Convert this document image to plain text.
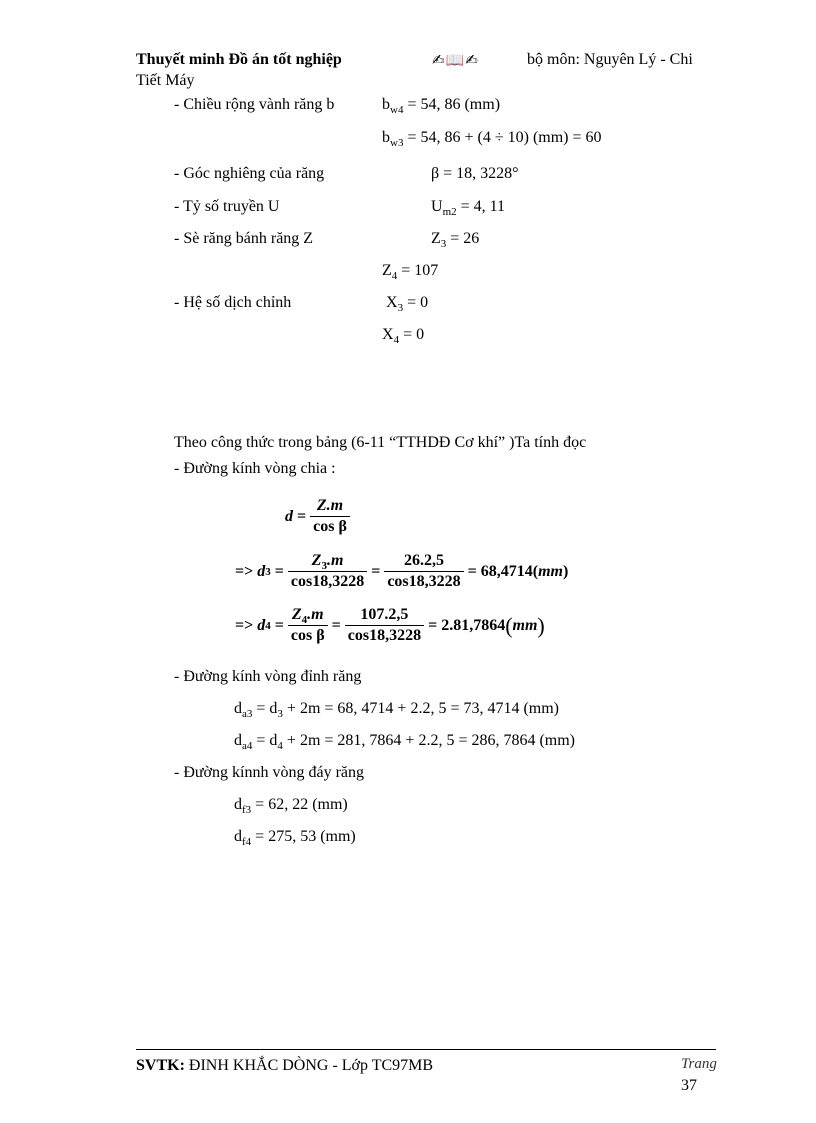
Thuyết minh Đồ án tốt nghiệp	✍📖✍	bộ môn: Nguyên Lý - Chi
Tiết Máy
- Chiều rộng vành răng b	$b_{w4} = 54$, 86 (mm)
$b_{w3} = 54$, 86 + (4 ÷ 10) (mm) = 60
- Góc nghiêng của răng	β = 18, 3228°
- Tỷ số truyền U	$U_{m2} = 4$, 11
- Sè răng bánh răng Z	$Z_3 = 26$
$Z_4 = 107$
- Hệ số dịch chỉnh	$X_3 = 0$
$X_4 = 0$
Theo công thức trong bảng (6-11 “TTHDĐ Cơ khí” )Ta tính đọc
- Đường kính vòng chia :
$d = \frac{Z.m}{\text{cos β}}$
=>
d $3 = \frac{Z_3.m}{\cos 18,3228} = \frac{26.2,5}{\cos 18,3228} = 68,4714$ ( mm )
=>
d $4 = \frac{Z_4.m}{\text{cos β}} = \frac{107.2,5}{\cos 18,3228} = 2.81,7864$ ( mm )
- Đường kính vòng đỉnh răng
$d_{a3} = d_3 + 2m = 68$, 4714 + 2.2, 5 = 73, 4714 (mm)
$d_{a4} = d_4 + 2m = 281$, 7864 + 2.2, 5 = 286, 7864 (mm)
- Đường kínnh vòng đáy răng
$d_{f3} = 62$, 22 (mm)
$d_{f4} = 275$, 53 (mm)
SVTK: ĐINH KHẮC DÒNG - Lớp TC97MB	Trang
37
